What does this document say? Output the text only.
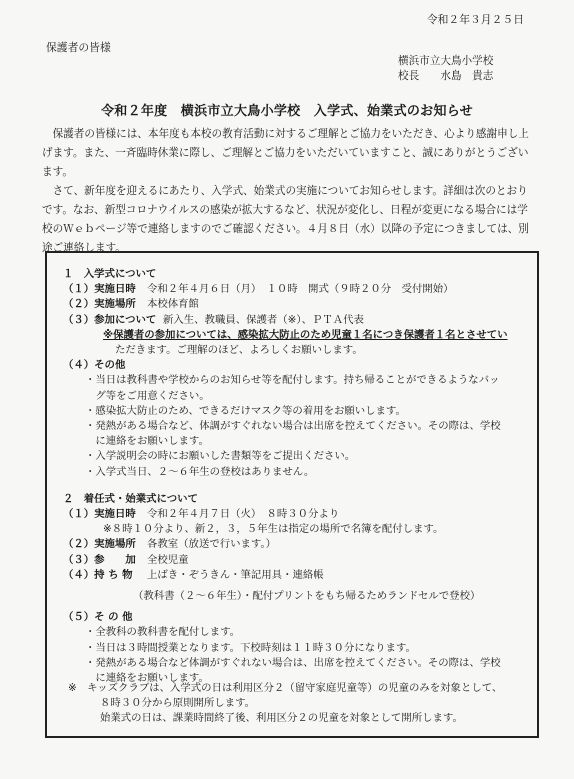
令和２年３月２５日
保護者の皆様
横浜市立大鳥小学校
校長　　水島　貴志
令和２年度　横浜市立大鳥小学校　入学式、始業式のお知らせ

保護者の皆様には、本年度も本校の教育活動に対するご理解とご協力をいただき、心より感謝申し上げます。また、一斉臨時休業に際し、ご理解とご協力をいただいていますこと、誠にありがとうございます。

さて、新年度を迎えるにあたり、入学式、始業式の実施についてお知らせします。詳細は次のとおりです。なお、新型コロナウイルスの感染が拡大するなど、状況が変化し、日程が変更になる場合には学校のＷｅｂページ等で連絡しますのでご確認ください。４月８日（水）以降の予定につきましては、別途ご連絡します。

１　入学式について
（１）実施日時 令和２年４月６日（月）　１０時　開式（９時２０分　受付開始）
（２）実施場所 本校体育館
（３）参加について 新入生、教職員、保護者（※）、ＰＴＡ代表
※保護者の参加については、感染拡大防止のため児童１名につき保護者１名とさせてい
ただきます。ご理解のほど、よろしくお願いします。
（４）その他
・当日は教科書や学校からのお知らせ等を配付します。持ち帰ることができるようなバッ
　グ等をご用意ください。
・感染拡大防止のため、できるだけマスク等の着用をお願いします。
・発熱がある場合など、体調がすぐれない場合は出席を控えてください。その際は、学校
　に連絡をお願いします。
・入学説明会の時にお願いした書類等をご提出ください。
・入学式当日、２～６年生の登校はありません。
２　着任式・始業式について
（１）実施日時 令和２年４月７日（火）　８時３０分より
※８時１０分より、新２，３，５年生は指定の場所で名簿を配付します。
（２）実施場所 各教室（放送で行います。）
（３）参　　加 全校児童
（４）持 ち 物 上ばき・ぞうきん・筆記用具・連絡帳
（教科書（２～６年生）・配付プリントをもち帰るためランドセルで登校）
（５）そ の 他
・全教科の教科書を配付します。
・当日は３時間授業となります。下校時刻は１１時３０分になります。
・発熱がある場合など体調がすぐれない場合は、出席を控えてください。その際は、学校
　に連絡をお願いします。
※　キッズクラブは、入学式の日は利用区分２（留守家庭児童等）の児童のみを対象として、
８時３０分から原則開所します。
始業式の日は、課業時間終了後、利用区分２の児童を対象として開所します。
